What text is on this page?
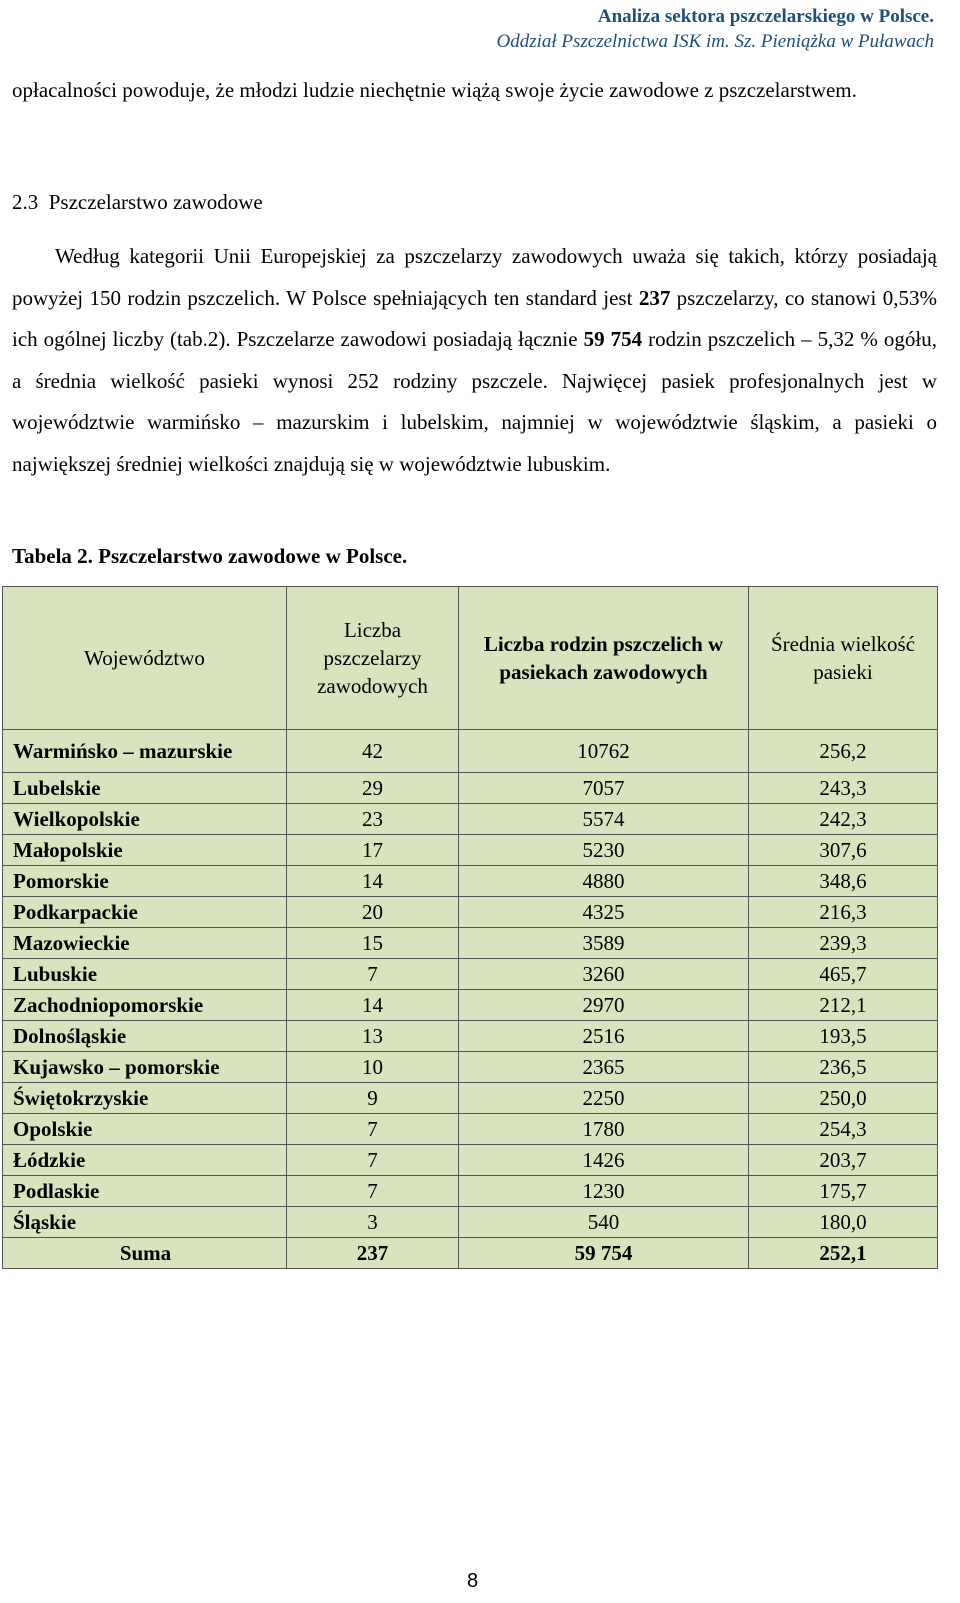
Analiza sektora pszczelarskiego w Polsce.
Oddział Pszczelnictwa ISK im. Sz. Pieniążka w Puławach

opłacalności powoduje, że młodzi ludzie niechętnie wiążą swoje życie zawodowe z pszczelarstwem.

2.3 Pszczelarstwo zawodowe

Według kategorii Unii Europejskiej za pszczelarzy zawodowych uważa się takich, którzy posiadają powyżej 150 rodzin pszczelich. W Polsce spełniających ten standard jest 237 pszczelarzy, co stanowi 0,53% ich ogólnej liczby (tab.2). Pszczelarze zawodowi posiadają łącznie 59 754 rodzin pszczelich – 5,32 % ogółu, a średnia wielkość pasieki wynosi 252 rodziny pszczele. Najwięcej pasiek profesjonalnych jest w województwie warmińsko – mazurskim i lubelskim, najmniej w województwie śląskim, a pasieki o największej średniej wielkości znajdują się w województwie lubuskim.

Tabela 2. Pszczelarstwo zawodowe w Polsce.
Województwo	Liczba pszczelarzy zawodowych	Liczba rodzin pszczelich w pasiekach zawodowych	Średnia wielkość pasieki
Warmińsko – mazurskie	42	10762	256,2
Lubelskie	29	7057	243,3
Wielkopolskie	23	5574	242,3
Małopolskie	17	5230	307,6
Pomorskie	14	4880	348,6
Podkarpackie	20	4325	216,3
Mazowieckie	15	3589	239,3
Lubuskie	7	3260	465,7
Zachodniopomorskie	14	2970	212,1
Dolnośląskie	13	2516	193,5
Kujawsko – pomorskie	10	2365	236,5
Świętokrzyskie	9	2250	250,0
Opolskie	7	1780	254,3
Łódzkie	7	1426	203,7
Podlaskie	7	1230	175,7
Śląskie	3	540	180,0
Suma	237	59 754	252,1
8
